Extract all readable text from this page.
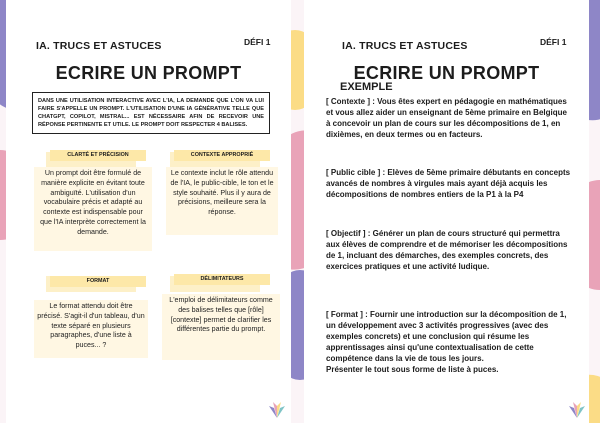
IA. TRUCS ET ASTUCES	DÉFI 1
ECRIRE UN PROMPT
DANS UNE UTILISATION INTERACTIVE AVEC L'IA, LA DEMANDE QUE L'ON VA LUI FAIRE S'APPELLE UN PROMPT. L'UTILISATION D'UNE IA GÉNÉRATIVE TELLE QUE CHATGPT, COPILOT, MISTRAL... EST NÉCESSAIRE AFIN DE RECEVOIR UNE RÉPONSE PERTINENTE ET UTILE. LE PROMPT DOIT RESPECTER 4 BALISES.
CLARTÉ ET PRÉCISION
Un prompt doit être formulé de manière explicite en évitant toute ambiguïté. L'utilisation d'un vocabulaire précis et adapté au contexte est indispensable pour que l'IA interprète correctement la demande.
CONTEXTE APPROPRIÉ
Le contexte inclut le rôle attendu de l'IA, le public-cible, le ton et le style souhaité. Plus il y aura de précisions, meilleure sera la réponse.
FORMAT
Le format attendu doit être précisé. S'agit-il d'un tableau, d'un texte séparé en plusieurs paragraphes, d'une liste à puces... ?
DÉLIMITATEURS
L'emploi de délimitateurs comme des balises telles que [rôle] [contexte] permet de clarifier les différentes partie du prompt.
IA. TRUCS ET ASTUCES	DÉFI 1
ECRIRE UN PROMPT
EXEMPLE
[ Contexte ] : Vous êtes expert en pédagogie en mathématiques et vous allez aider un enseignant de 5ème primaire en Belgique à concevoir un plan de cours sur les décompositions de 1, en dixièmes, en deux termes ou en facteurs.
[ Public cible ] : Elèves de 5ème primaire débutants en concepts avancés de nombres à virgules mais ayant déjà acquis les décompositions de nombres entiers de la P1 à la P4
[ Objectif ] : Générer un plan de cours structuré qui permettra aux élèves de comprendre et de mémoriser les décompositions de 1, incluant des démarches, des exemples concrets, des exercices pratiques et une activité ludique.
[ Format ] : Fournir une introduction sur la décomposition de 1, un développement avec 3 activités progressives (avec des exemples concrets) et une conclusion qui résume les apprentissages ainsi qu'une contextualisation de cette compétence dans la vie de tous les jours.
Présenter le tout sous forme de liste à puces.
